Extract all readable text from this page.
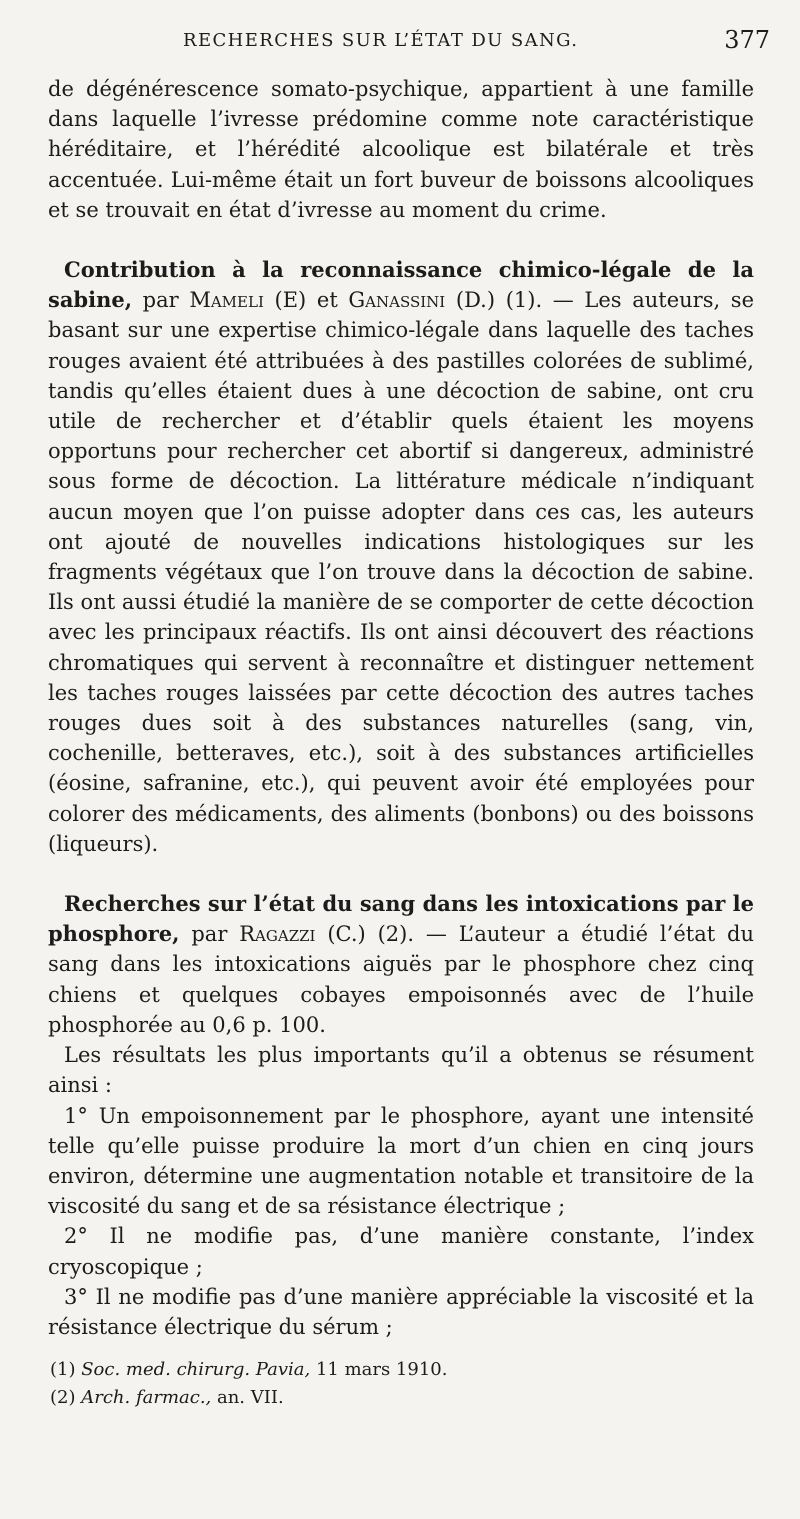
RECHERCHES SUR L’ÉTAT DU SANG.	377

de dégénérescence somato-psychique, appartient à une famille dans laquelle l’ivresse prédomine comme note caractéristique héréditaire, et l’hérédité alcoolique est bilatérale et très accentuée. Lui-même était un fort buveur de boissons alcooliques et se trouvait en état d’ivresse au moment du crime.

Contribution à la reconnaissance chimico-légale de la sabine, par Mameli (E) et Ganassini (D.) (1). — Les auteurs, se basant sur une expertise chimico-légale dans laquelle des taches rouges avaient été attribuées à des pastilles colorées de sublimé, tandis qu’elles étaient dues à une décoction de sabine, ont cru utile de rechercher et d’établir quels étaient les moyens opportuns pour rechercher cet abortif si dangereux, administré sous forme de décoction. La littérature médicale n’indiquant aucun moyen que l’on puisse adopter dans ces cas, les auteurs ont ajouté de nouvelles indications histologiques sur les fragments végétaux que l’on trouve dans la décoction de sabine. Ils ont aussi étudié la manière de se comporter de cette décoction avec les principaux réactifs. Ils ont ainsi découvert des réactions chromatiques qui servent à reconnaître et distinguer nettement les taches rouges laissées par cette décoction des autres taches rouges dues soit à des substances naturelles (sang, vin, cochenille, betteraves, etc.), soit à des substances artificielles (éosine, safranine, etc.), qui peuvent avoir été employées pour colorer des médicaments, des aliments (bonbons) ou des boissons (liqueurs).

Recherches sur l’état du sang dans les intoxications par le phosphore, par Ragazzi (C.) (2). — L’auteur a étudié l’état du sang dans les intoxications aiguës par le phosphore chez cinq chiens et quelques cobayes empoisonnés avec de l’huile phosphorée au 0,6 p. 100.

Les résultats les plus importants qu’il a obtenus se résument ainsi :

1° Un empoisonnement par le phosphore, ayant une intensité telle qu’elle puisse produire la mort d’un chien en cinq jours environ, détermine une augmentation notable et transitoire de la viscosité du sang et de sa résistance électrique ;

2° Il ne modifie pas, d’une manière constante, l’index cryoscopique ;

3° Il ne modifie pas d’une manière appréciable la viscosité et la résistance électrique du sérum ;

(1) Soc. med. chirurg. Pavia, 11 mars 1910.

(2) Arch. farmac., an. VII.
